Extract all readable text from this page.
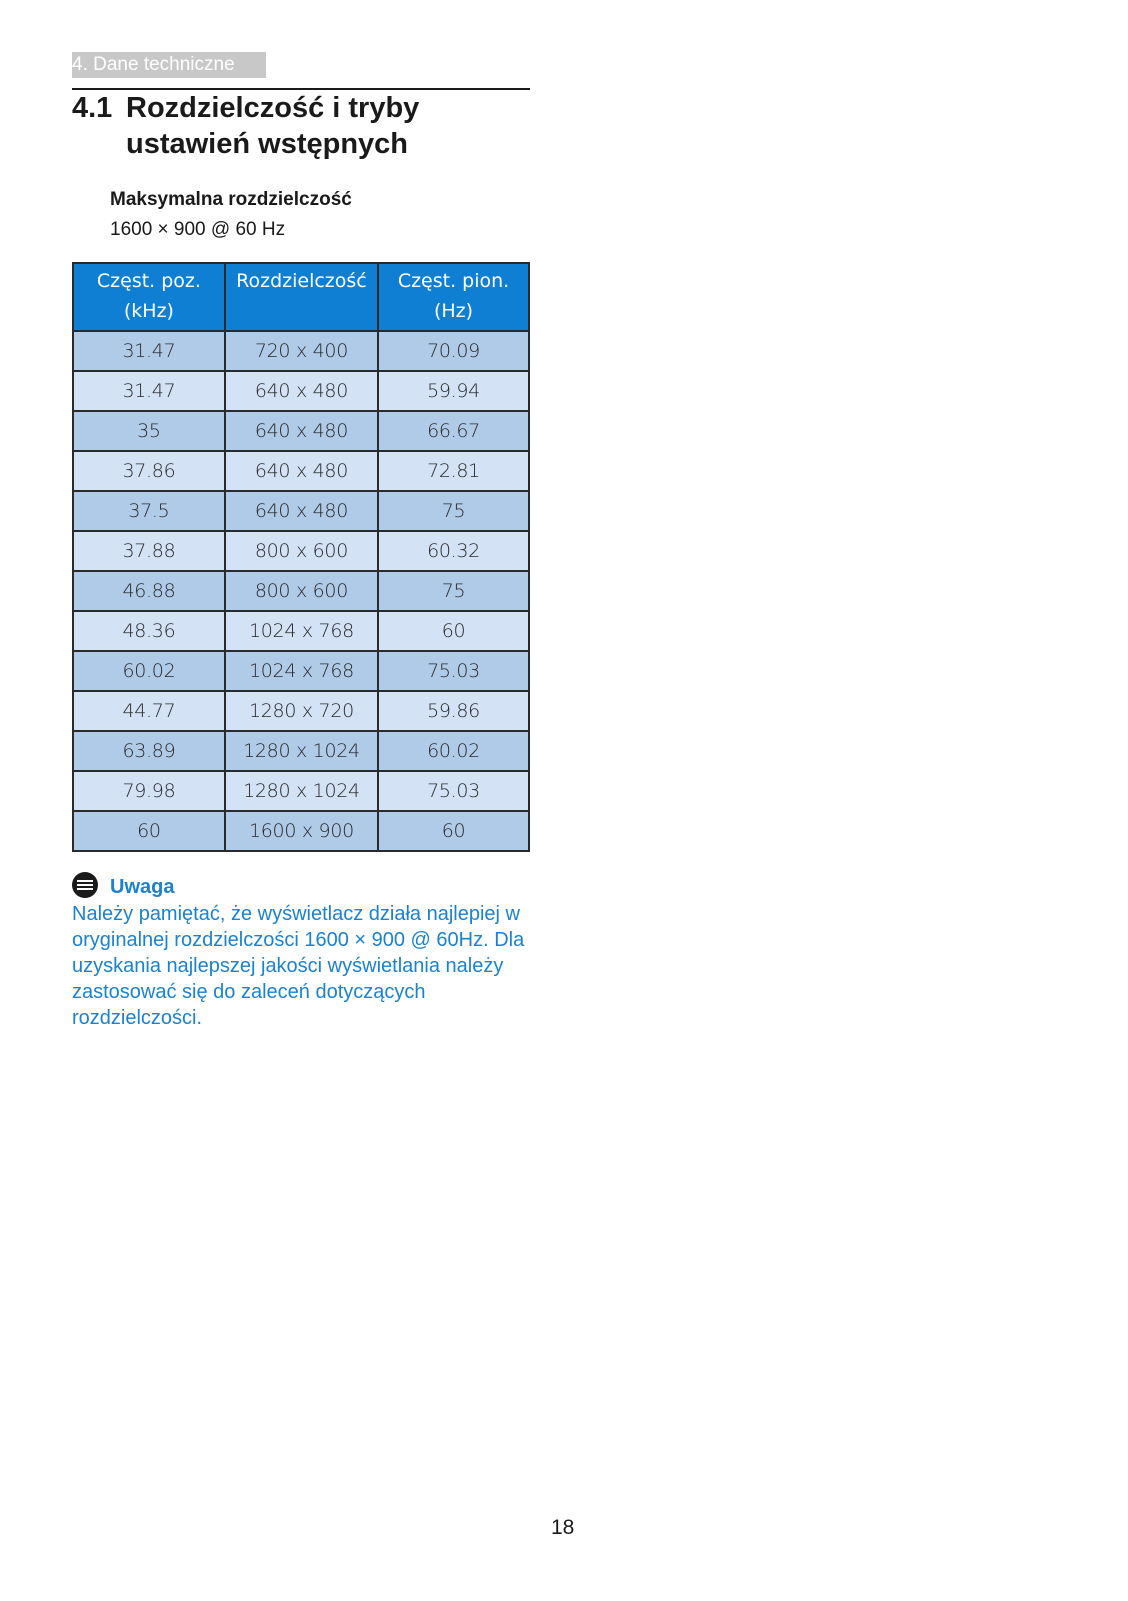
4. Dane techniczne
4.1 Rozdzielczość i tryby ustawień wstępnych
Maksymalna rozdzielczość
1600 × 900 @ 60 Hz
Częst. poz. (kHz)	Rozdzielczość	Częst. pion. (Hz)
31.47	720 x 400	70.09
31.47	640 x 480	59.94
35	640 x 480	66.67
37.86	640 x 480	72.81
37.5	640 x 480	75
37.88	800 x 600	60.32
46.88	800 x 600	75
48.36	1024 x 768	60
60.02	1024 x 768	75.03
44.77	1280 x 720	59.86
63.89	1280 x 1024	60.02
79.98	1280 x 1024	75.03
60	1600 x 900	60
Uwaga
Należy pamiętać, że wyświetlacz działa najlepiej w oryginalnej rozdzielczości 1600 × 900 @ 60Hz. Dla uzyskania najlepszej jakości wyświetlania należy zastosować się do zaleceń dotyczących rozdzielczości.
18
